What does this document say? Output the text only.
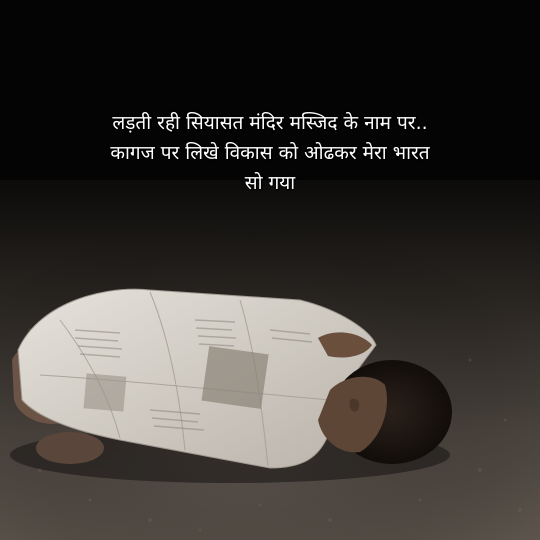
लड़ती रही सियासत मंदिर मस्जिद के नाम पर..
कागज पर लिखे विकास को ओढकर मेरा भारत
सो गया
